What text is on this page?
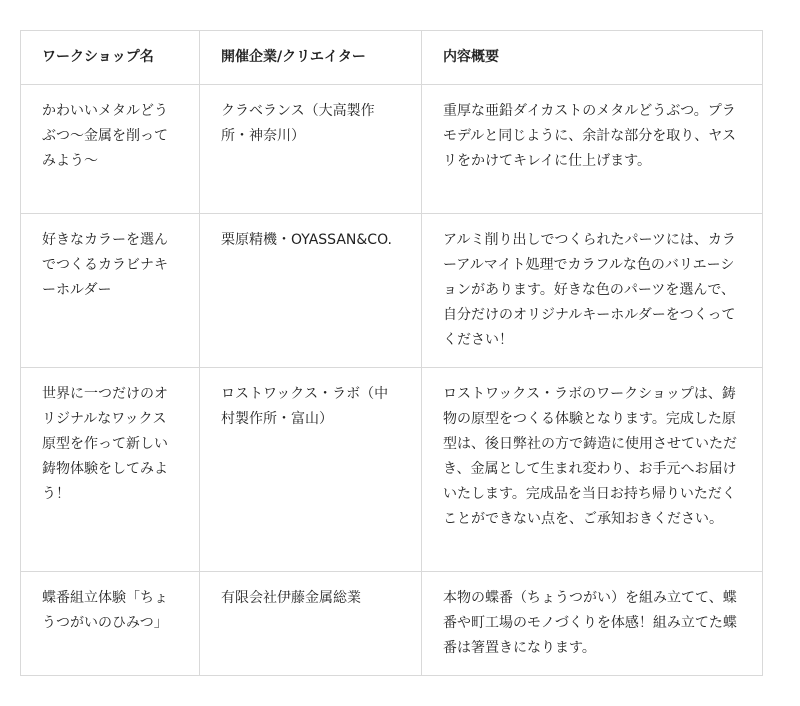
ワークショップ名	開催企業/クリエイター	内容概要
かわいいメタルどうぶつ〜金属を削ってみよう〜	クラベランス（大高製作所・神奈川）	重厚な亜鉛ダイカストのメタルどうぶつ。プラモデルと同じように、余計な部分を取り、ヤスリをかけてキレイに仕上げます。
好きなカラーを選んでつくるカラビナキーホルダー	栗原精機・OYASSAN&CO.	アルミ削り出しでつくられたパーツには、カラーアルマイト処理でカラフルな色のバリエーションがあります。好きな色のパーツを選んで、自分だけのオリジナルキーホルダーをつくってください！
世界に一つだけのオリジナルなワックス原型を作って新しい鋳物体験をしてみよう！	ロストワックス・ラボ（中村製作所・富山）	ロストワックス・ラボのワークショップは、鋳物の原型をつくる体験となります。完成した原型は、後日弊社の方で鋳造に使用させていただき、金属として生まれ変わり、お手元へお届けいたします。完成品を当日お持ち帰りいただくことができない点を、ご承知おきください。
蝶番組立体験「ちょうつがいのひみつ」	有限会社伊藤金属総業	本物の蝶番（ちょうつがい）を組み立てて、蝶番や町工場のモノづくりを体感！組み立てた蝶番は箸置きになります。
